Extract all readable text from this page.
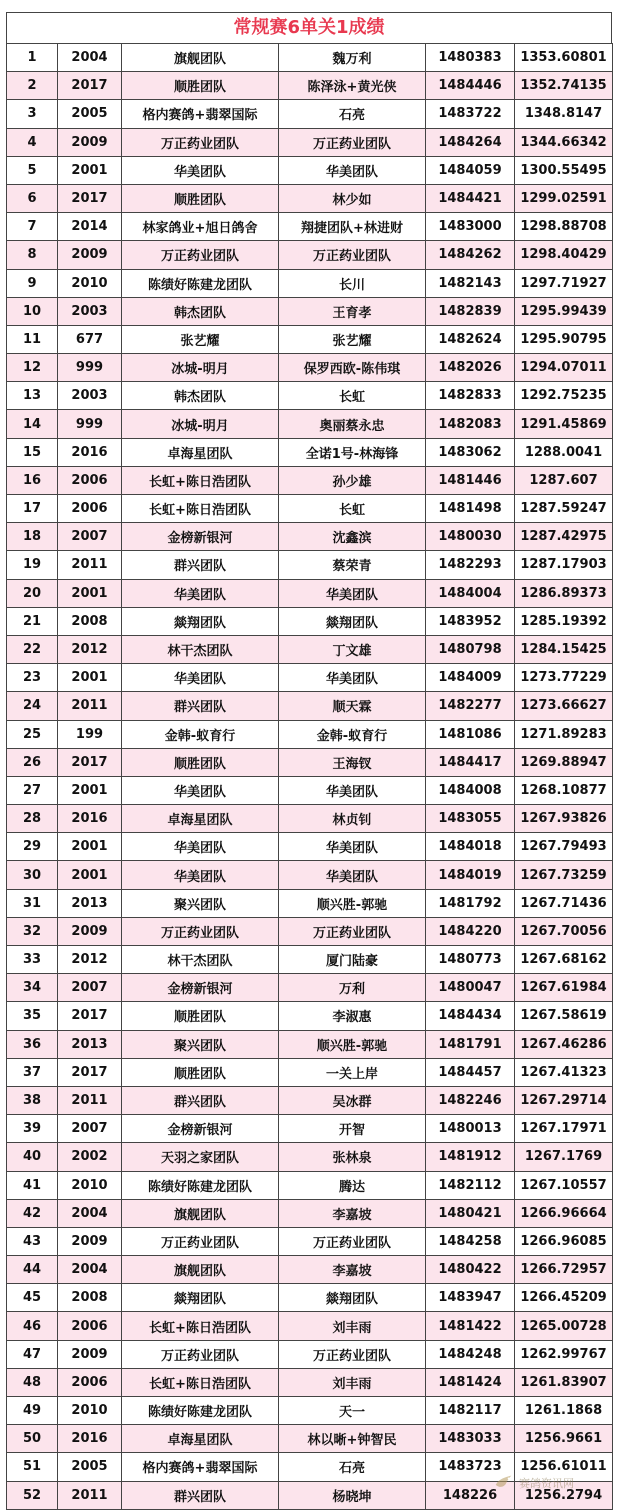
常规赛6单关1成绩
1	2004	旗舰团队	魏万利	1480383	1353.60801
2	2017	顺胜团队	陈泽泳+黄光侠	1484446	1352.74135
3	2005	格内赛鸽+翡翠国际	石亮	1483722	1348.8147
4	2009	万正药业团队	万正药业团队	1484264	1344.66342
5	2001	华美团队	华美团队	1484059	1300.55495
6	2017	顺胜团队	林少如	1484421	1299.02591
7	2014	林家鸽业+旭日鸽舍	翔捷团队+林进财	1483000	1298.88708
8	2009	万正药业团队	万正药业团队	1484262	1298.40429
9	2010	陈绩好陈建龙团队	长川	1482143	1297.71927
10	2003	韩杰团队	王育孝	1482839	1295.99439
11	677	张艺耀	张艺耀	1482624	1295.90795
12	999	冰城-明月	保罗西欧-陈伟琪	1482026	1294.07011
13	2003	韩杰团队	长虹	1482833	1292.75235
14	999	冰城-明月	奥丽蔡永忠	1482083	1291.45869
15	2016	卓海星团队	全诺1号-林海锋	1483062	1288.0041
16	2006	长虹+陈日浩团队	孙少雄	1481446	1287.607
17	2006	长虹+陈日浩团队	长虹	1481498	1287.59247
18	2007	金榜新银河	沈鑫滨	1480030	1287.42975
19	2011	群兴团队	蔡荣青	1482293	1287.17903
20	2001	华美团队	华美团队	1484004	1286.89373
21	2008	燚翔团队	燚翔团队	1483952	1285.19392
22	2012	林干杰团队	丁文雄	1480798	1284.15425
23	2001	华美团队	华美团队	1484009	1273.77229
24	2011	群兴团队	顺天霖	1482277	1273.66627
25	199	金韩-蚁育行	金韩-蚁育行	1481086	1271.89283
26	2017	顺胜团队	王海钗	1484417	1269.88947
27	2001	华美团队	华美团队	1484008	1268.10877
28	2016	卓海星团队	林贞钊	1483055	1267.93826
29	2001	华美团队	华美团队	1484018	1267.79493
30	2001	华美团队	华美团队	1484019	1267.73259
31	2013	聚兴团队	顺兴胜-郭驰	1481792	1267.71436
32	2009	万正药业团队	万正药业团队	1484220	1267.70056
33	2012	林干杰团队	厦门陆豪	1480773	1267.68162
34	2007	金榜新银河	万利	1480047	1267.61984
35	2017	顺胜团队	李淑惠	1484434	1267.58619
36	2013	聚兴团队	顺兴胜-郭驰	1481791	1267.46286
37	2017	顺胜团队	一关上岸	1484457	1267.41323
38	2011	群兴团队	吴冰群	1482246	1267.29714
39	2007	金榜新银河	开智	1480013	1267.17971
40	2002	天羽之家团队	张林泉	1481912	1267.1769
41	2010	陈绩好陈建龙团队	腾达	1482112	1267.10557
42	2004	旗舰团队	李嘉坡	1480421	1266.96664
43	2009	万正药业团队	万正药业团队	1484258	1266.96085
44	2004	旗舰团队	李嘉坡	1480422	1266.72957
45	2008	燚翔团队	燚翔团队	1483947	1266.45209
46	2006	长虹+陈日浩团队	刘丰雨	1481422	1265.00728
47	2009	万正药业团队	万正药业团队	1484248	1262.99767
48	2006	长虹+陈日浩团队	刘丰雨	1481424	1261.83907
49	2010	陈绩好陈建龙团队	天一	1482117	1261.1868
50	2016	卓海星团队	林以晰+钟智民	1483033	1256.9661
51	2005	格内赛鸽+翡翠国际	石亮	1483723	1256.61011
52	2011	群兴团队	杨晓坤	148226	1256.2794
赛鸽资讯网
